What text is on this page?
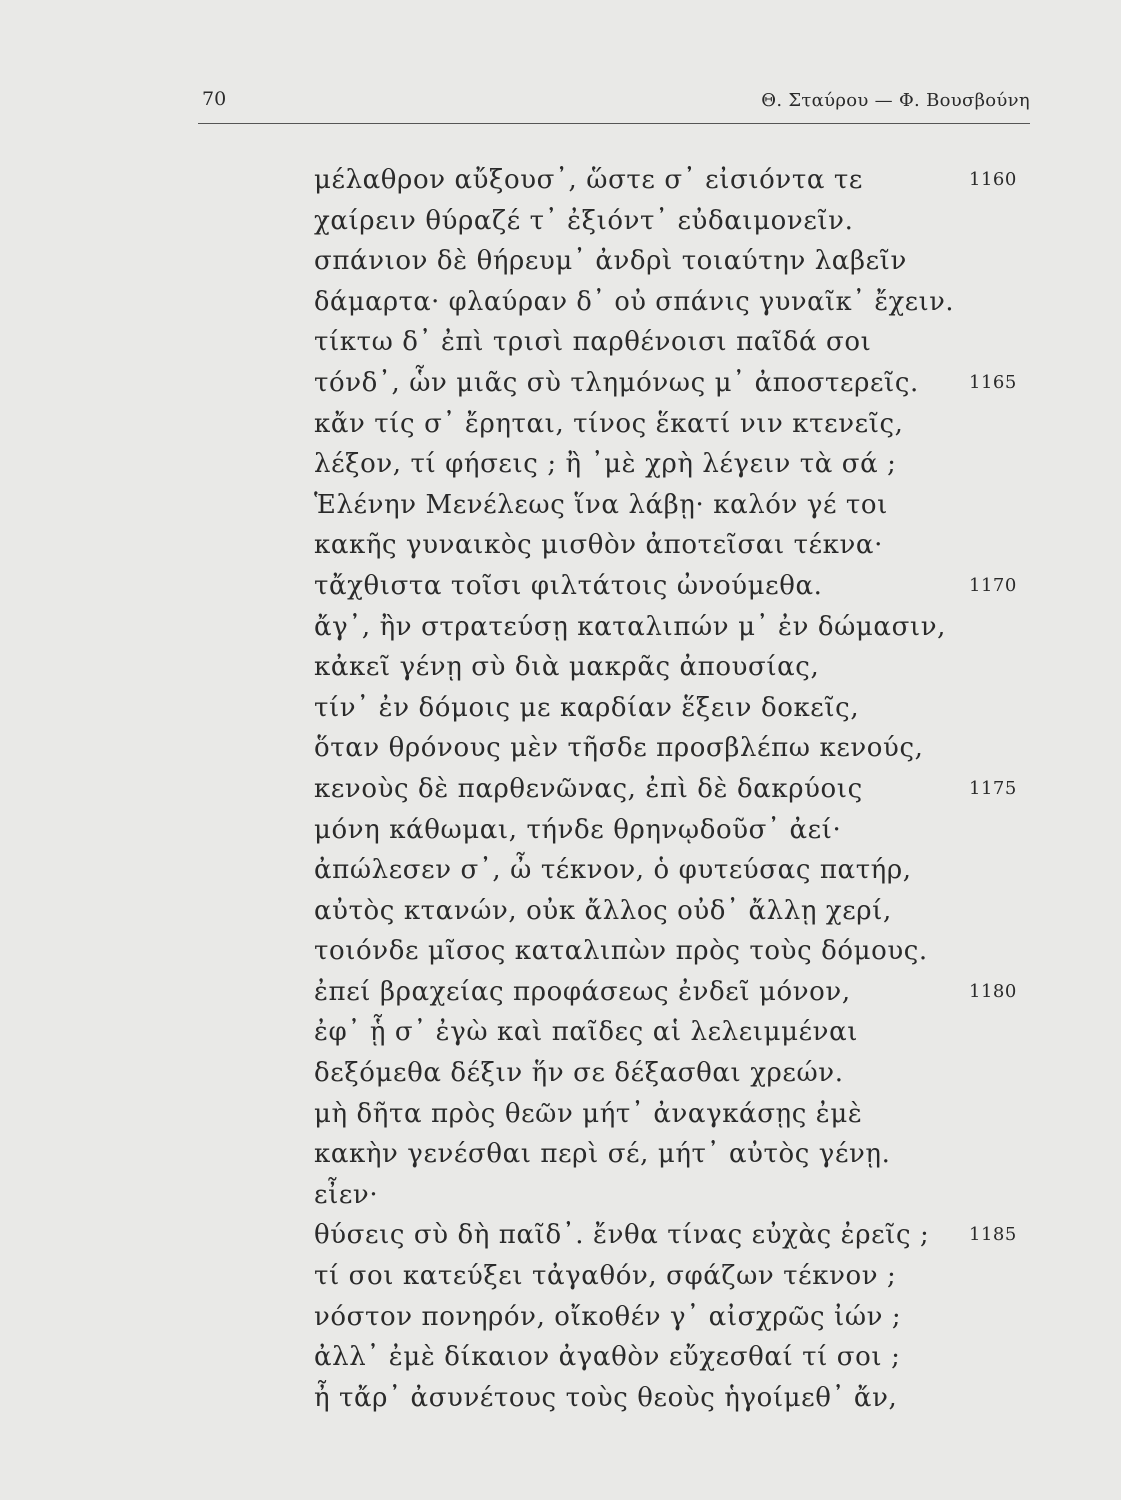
70	Θ. Σταύρου — Φ. Βουσβούνη
μέλαθρον αὔξουσ᾽, ὥστε σ᾽ εἰσιόντα τε	1160
χαίρειν θύραζέ τ᾽ ἐξιόντ᾽ εὐδαιμονεῖν.
σπάνιον δὲ θήρευμ᾽ ἀνδρὶ τοιαύτην λαβεῖν
δάμαρτα· φλαύραν δ᾽ οὐ σπάνις γυναῖκ᾽ ἔχειν.
τίκτω δ᾽ ἐπὶ τρισὶ παρθένοισι παῖδά σοι
τόνδ᾽, ὧν μιᾶς σὺ τλημόνως μ᾽ ἀποστερεῖς.	1165
κἄν τίς σ᾽ ἔρηται, τίνος ἕκατί νιν κτενεῖς,
λέξον, τί φήσεις ; ἢ ᾽μὲ χρὴ λέγειν τὰ σά ;
Ἑλένην Μενέλεως ἵνα λάβῃ· καλόν γέ τοι
κακῆς γυναικὸς μισθὸν ἀποτεῖσαι τέκνα·
τἄχθιστα τοῖσι φιλτάτοις ὠνούμεθα.	1170
ἄγ᾽, ἢν στρατεύσῃ καταλιπών μ᾽ ἐν δώμασιν,
κἀκεῖ γένῃ σὺ διὰ μακρᾶς ἀπουσίας,
τίν᾽ ἐν δόμοις με καρδίαν ἕξειν δοκεῖς,
ὅταν θρόνους μὲν τῆσδε προσβλέπω κενούς,
κενοὺς δὲ παρθενῶνας, ἐπὶ δὲ δακρύοις	1175
μόνη κάθωμαι, τήνδε θρηνῳδοῦσ᾽ ἀεί·
ἀπώλεσεν σ᾽, ὦ τέκνον, ὁ φυτεύσας πατήρ,
αὐτὸς κτανών, οὐκ ἄλλος οὐδ᾽ ἄλλῃ χερί,
τοιόνδε μῖσος καταλιπὼν πρὸς τοὺς δόμους.
ἐπεί βραχείας προφάσεως ἐνδεῖ μόνον,	1180
ἐφ᾽ ᾗ σ᾽ ἐγὼ καὶ παῖδες αἱ λελειμμέναι
δεξόμεθα δέξιν ἥν σε δέξασθαι χρεών.
μὴ δῆτα πρὸς θεῶν μήτ᾽ ἀναγκάσῃς ἐμὲ
κακὴν γενέσθαι περὶ σέ, μήτ᾽ αὐτὸς γένῃ.
εἶεν·
θύσεις σὺ δὴ παῖδ᾽. ἔνθα τίνας εὐχὰς ἐρεῖς ; 1185
τί σοι κατεύξει τἀγαθόν, σφάζων τέκνον ;
νόστον πονηρόν, οἴκοθέν γ᾽ αἰσχρῶς ἰών ;
ἀλλ᾽ ἐμὲ δίκαιον ἀγαθὸν εὔχεσθαί τί σοι ;
ἦ τἄρ᾽ ἀσυνέτους τοὺς θεοὺς ἡγοίμεθ᾽ ἄν,
